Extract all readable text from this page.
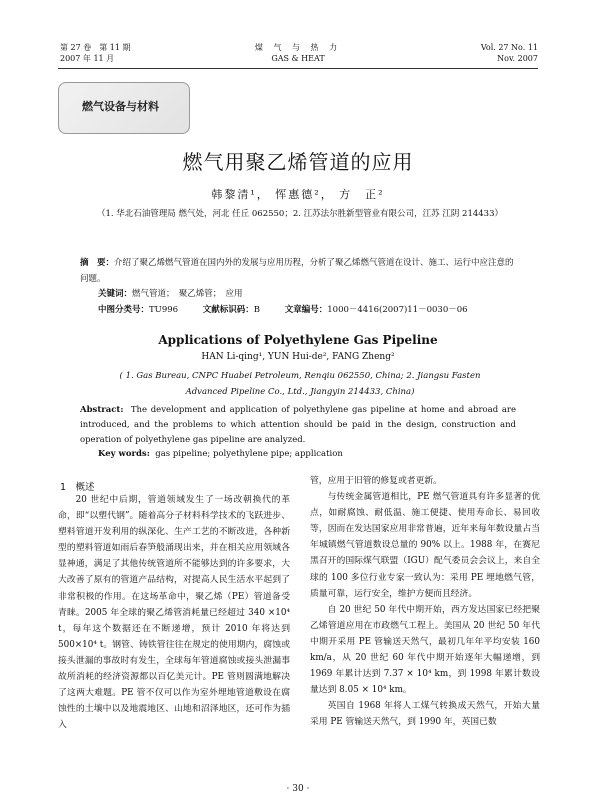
第 27 卷　第 11 期
2007 年 11 月
煤 气 与 热 力
GAS & HEAT
Vol. 27 No. 11
Nov. 2007
燃气设备与材料
燃气用聚乙烯管道的应用
韩黎清¹， 恽惠德²， 方　正²
（1. 华北石油管理局 燃气处，河北 任丘 062550；2. 江苏法尔胜新型管业有限公司，江苏 江阴 214433）
摘　要：介绍了聚乙烯燃气管道在国内外的发展与应用历程，分析了聚乙烯燃气管道在设计、施工、运行中应注意的问题。
关键词：燃气管道；　聚乙烯管；　应用
中图分类号：TU996	文献标识码：B	文章编号：1000－4416(2007)11－0030－06
Applications of Polyethylene Gas Pipeline
HAN Li-qing¹, YUN Hui-de², FANG Zheng²
( 1. Gas Bureau, CNPC Huabei Petroleum, Renqiu 062550, China; 2. Jiangsu Fasten Advanced Pipeline Co., Ltd., Jiangyin 214433, China)
Abstract: The development and application of polyethylene gas pipeline at home and abroad are introduced, and the problems to which attention should be paid in the design, construction and operation of polyethylene gas pipeline are analyzed.
Key words: gas pipeline; polyethylene pipe; application
1　概述

20 世纪中后期，管道领域发生了一场改朝换代的革命，即“以塑代钢”。随着高分子材料科学技术的飞跃进步、塑料管道开发利用的纵深化、生产工艺的不断改进，各种新型的塑料管道如雨后春笋般涌现出来，并在相关应用领域各显神通，满足了其他传统管道所不能够达到的许多要求，大大改善了原有的管道产品结构，对提高人民生活水平起到了非常积极的作用。在这场革命中，聚乙烯（PE）管道备受青睐。2005 年全球的聚乙烯管消耗量已经超过 340 ×10⁴ t，每年这个数据还在不断递增，预计 2010 年将达到 500×10⁴ t。钢管、铸铁管往往在规定的使用期内，腐蚀或接头泄漏的事故时有发生，全球每年管道腐蚀或接头泄漏事故所消耗的经济资源都以百亿美元计。PE 管则圆满地解决了这两大难题。PE 管不仅可以作为室外埋地管道敷设在腐蚀性的土壤中以及地震地区、山地和沼泽地区，还可作为插入

管，应用于旧管的修复或者更新。

与传统金属管道相比，PE 燃气管道具有许多显著的优点，如耐腐蚀、耐低温、施工便捷、使用寿命长、易回收等，因而在发达国家应用非常普遍，近年来每年数设量占当年城镇燃气管道数设总量的 90% 以上。1988 年，在赛尼黑召开的国际煤气联盟（IGU）配气委员会会议上，来自全球的 100 多位行业专家一致认为：采用 PE 埋地燃气管，质量可靠，运行安全，维护方便而且经济。

自 20 世纪 50 年代中期开始，西方发达国家已经把聚乙烯管道应用在市政燃气工程上。美国从 20 世纪 50 年代中期开采用 PE 管输送天然气，最初几年年平均安装 160 km/a，从 20 世纪 60 年代中期开始逐年大幅递增，到 1969 年累计达到 7.37 × 10⁴ km，到 1998 年累计数设量达到 8.05 × 10⁴ km。

英国自 1968 年将人工煤气转换成天然气，开始大量采用 PE 管输送天然气，到 1990 年，英国已数

· 30 ·
